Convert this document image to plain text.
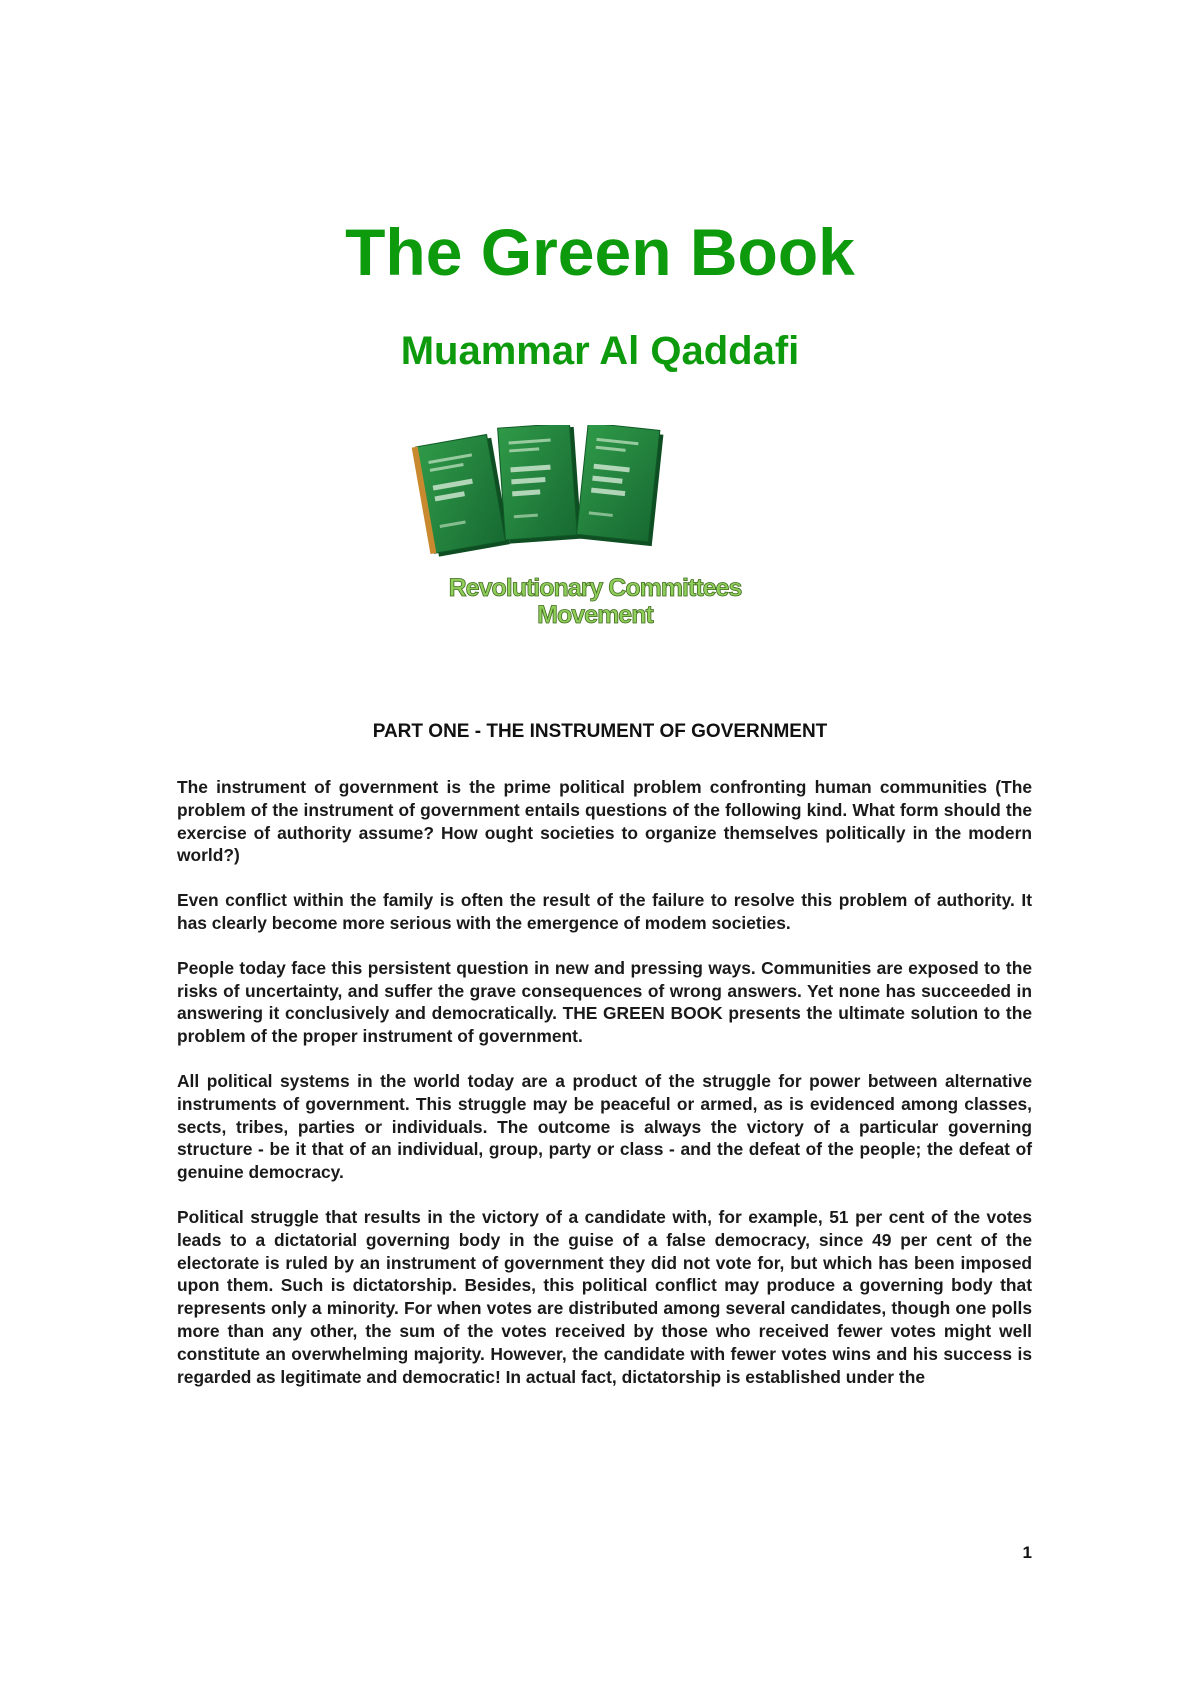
The Green Book
Muammar Al Qaddafi
Revolutionary Committees
Movement
PART ONE - THE INSTRUMENT OF GOVERNMENT

The instrument of government is the prime political problem confronting human communities (The problem of the instrument of government entails questions of the following kind. What form should the exercise of authority assume? How ought societies to organize themselves politically in the modern world?)

Even conflict within the family is often the result of the failure to resolve this problem of authority. It has clearly become more serious with the emergence of modem societies.

People today face this persistent question in new and pressing ways. Communities are exposed to the risks of uncertainty, and suffer the grave consequences of wrong answers. Yet none has succeeded in answering it conclusively and democratically. THE GREEN BOOK presents the ultimate solution to the problem of the proper instrument of government.

All political systems in the world today are a product of the struggle for power between alternative instruments of government. This struggle may be peaceful or armed, as is evidenced among classes, sects, tribes, parties or individuals. The outcome is always the victory of a particular governing structure - be it that of an individual, group, party or class - and the defeat of the people; the defeat of genuine democracy.

Political struggle that results in the victory of a candidate with, for example, 51 per cent of the votes leads to a dictatorial governing body in the guise of a false democracy, since 49 per cent of the electorate is ruled by an instrument of government they did not vote for, but which has been imposed upon them. Such is dictatorship. Besides, this political conflict may produce a governing body that represents only a minority. For when votes are distributed among several candidates, though one polls more than any other, the sum of the votes received by those who received fewer votes might well constitute an overwhelming majority. However, the candidate with fewer votes wins and his success is regarded as legitimate and democratic! In actual fact, dictatorship is established under the

1
